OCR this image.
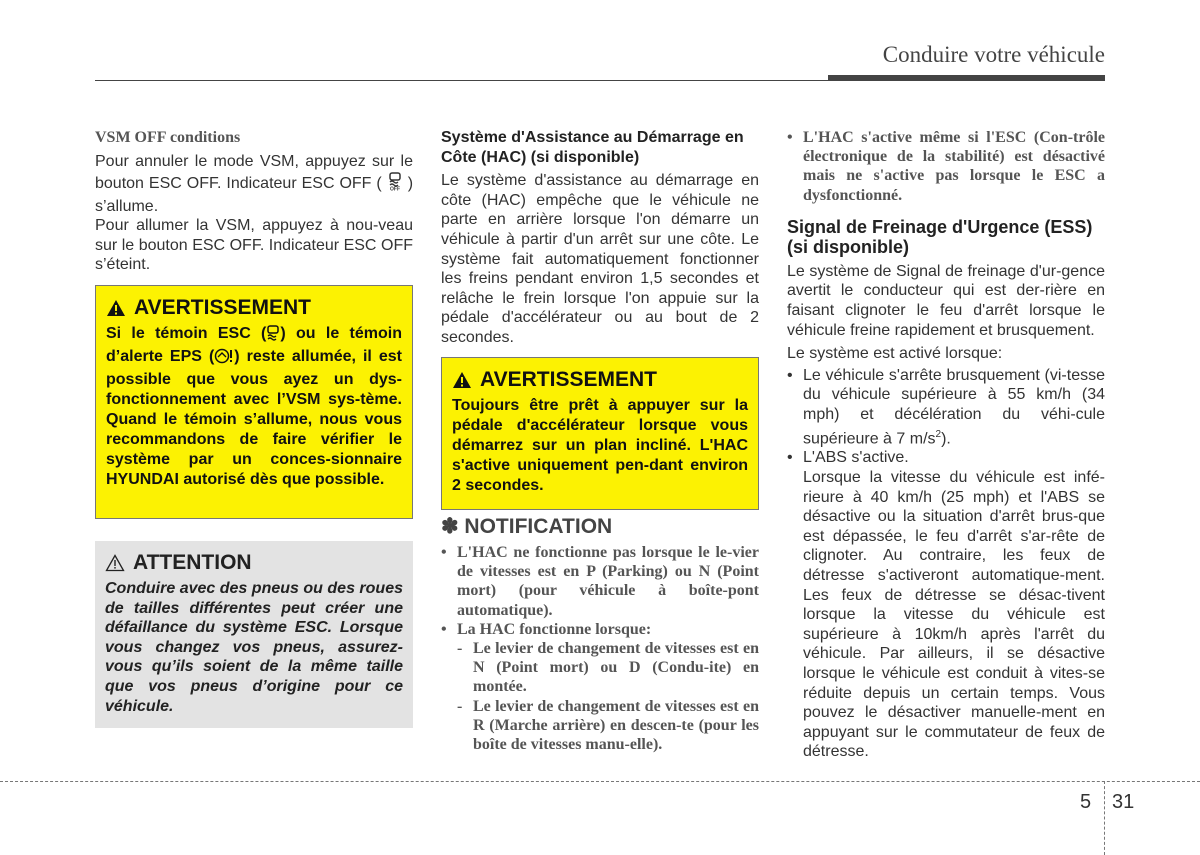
Conduire votre véhicule
VSM OFF conditions

Pour annuler le mode VSM, appuyez sur le bouton ESC OFF. Indicateur ESC OFF ( OFF ) s’allume.

Pour allumer la VSM, appuyez à nou-veau sur le bouton ESC OFF. Indicateur ESC OFF s’éteint.

AVERTISSEMENT
Si le témoin ESC ( ) ou le témoin d’alerte EPS ( ) reste allumée, il est possible que vous ayez un dys-fonctionnement avec l’VSM sys-tème. Quand le témoin s’allume, nous vous recommandons de faire vérifier le système par un conces-sionnaire HYUNDAI autorisé dès que possible.
ATTENTION
Conduire avec des pneus ou des roues de tailles différentes peut créer une défaillance du système ESC. Lorsque vous changez vos pneus, assurez-vous qu’ils soient de la même taille que vos pneus d’origine pour ce véhicule.

Système d'Assistance au Démarrage en Côte (HAC) (si disponible)

Le système d'assistance au démarrage en côte (HAC) empêche que le véhicule ne parte en arrière lorsque l'on démarre un véhicule à partir d'un arrêt sur une côte. Le système fait automatiquement fonctionner les freins pendant environ 1,5 secondes et relâche le frein lorsque l'on appuie sur la pédale d'accélérateur ou au bout de 2 secondes.

AVERTISSEMENT
Toujours être prêt à appuyer sur la pédale d'accélérateur lorsque vous démarrez sur un plan incliné. L'HAC s'active uniquement pen-dant environ 2 secondes.
✽ NOTIFICATION
• L'HAC ne fonctionne pas lorsque le le-vier de vitesses est en P (Parking) ou N (Point mort) (pour véhicule à boîte-pont automatique).
• La HAC fonctionne lorsque:
- Le levier de changement de vitesses est en N (Point mort) ou D (Condu-ite) en montée.
- Le levier de changement de vitesses est en R (Marche arrière) en descen-te (pour les boîte de vitesses manu-elle).
• L'HAC s'active même si l'ESC (Con-trôle électronique de la stabilité) est désactivé mais ne s'active pas lorsque le ESC a dysfonctionné.

Signal de Freinage d'Urgence (ESS) (si disponible)

Le système de Signal de freinage d'ur-gence avertit le conducteur qui est der-rière en faisant clignoter le feu d'arrêt lorsque le véhicule freine rapidement et brusquement.

Le système est activé lorsque:

• Le véhicule s'arrête brusquement (vi-tesse du véhicule supérieure à 55 km/h (34 mph) et décélération du véhi-cule supérieure à 7 $m/s^2$).
• L'ABS s'active.
Lorsque la vitesse du véhicule est infé-rieure à 40 km/h (25 mph) et l'ABS se désactive ou la situation d'arrêt brus-que est dépassée, le feu d'arrêt s'ar-rête de clignoter. Au contraire, les feux de détresse s'activeront automatique-ment. Les feux de détresse se désac-tivent lorsque la vitesse du véhicule est supérieure à 10km/h après l'arrêt du véhicule. Par ailleurs, il se désactive lorsque le véhicule est conduit à vites-se réduite depuis un certain temps. Vous pouvez le désactiver manuelle-ment en appuyant sur le commutateur de feux de détresse.
5 31
